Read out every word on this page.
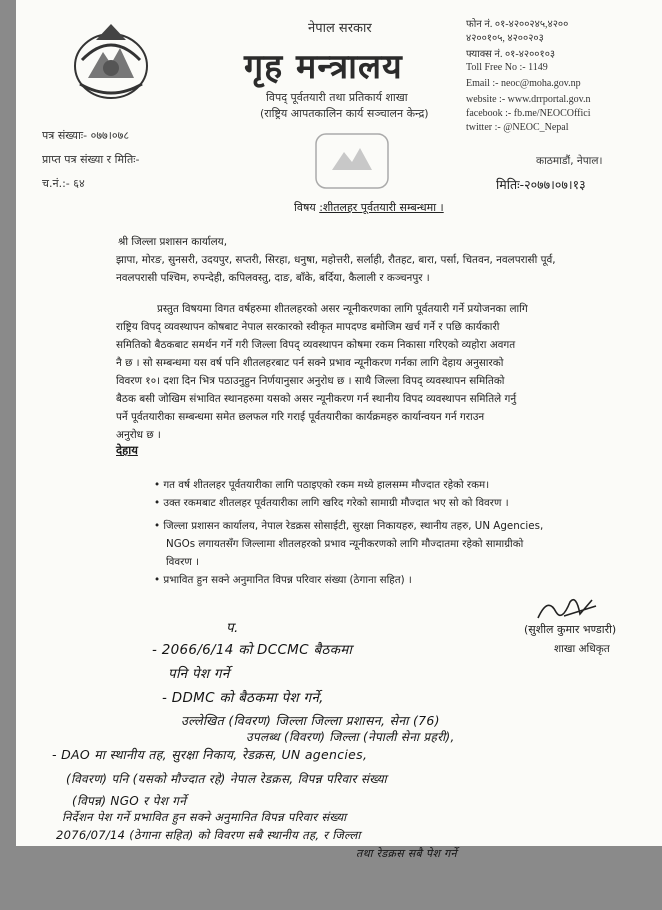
नेपाल सरकार
गृह मन्त्रालय
विपद् पूर्वतयारी तथा प्रतिकार्य शाखा
(राष्ट्रिय आपतकालिन कार्य सञ्चालन केन्द्र)
फोन नं. ०१-४२००२४५,४२००
४२००१०५, ४२००२०३
फ्याक्स नं. ०१-४२००१०३
Toll Free No :- 1149
Email :- neoc@moha.gov.np
website :- www.drrportal.gov.n
facebook :- fb.me/NEOCOffici
twitter :- @NEOC_Nepal
पत्र संख्याः- ०७७।०७८
प्राप्त पत्र संख्या र मितिः-
च.नं.:- ६४
काठमाडौं, नेपाल।
मितिः-२०७७।०७।१३
विषय :शीतलहर पूर्वतयारी सम्बन्धमा ।
श्री जिल्ला प्रशासन कार्यालय,
झापा, मोरङ, सुनसरी, उदयपुर, सप्तरी, सिरहा, धनुषा, महोत्तरी, सर्लाही, रौतहट, बारा, पर्सा, चितवन, नवलपरासी पूर्व,
नवलपरासी पश्चिम, रुपन्देही, कपिलवस्तु, दाङ, बाँके, बर्दिया, कैलाली र कञ्चनपुर ।
प्रस्तुत विषयमा विगत वर्षहरुमा शीतलहरको असर न्यूनीकरणका लागि पूर्वतयारी गर्ने प्रयोजनका लागि
राष्ट्रिय विपद् व्यवस्थापन कोषबाट नेपाल सरकारको स्वीकृत मापदण्ड बमोजिम खर्च गर्ने र पछि कार्यकारी
समितिको बैठकबाट समर्थन गर्ने गरी जिल्ला विपद् व्यवस्थापन कोषमा रकम निकासा गरिएको व्यहोरा अवगत
नै छ । सो सम्बन्धमा यस वर्ष पनि शीतलहरबाट पर्न सक्ने प्रभाव न्यूनीकरण गर्नका लागि देहाय अनुसारको
विवरण १०। दशा दिन भित्र पठाउनुहुन निर्णयानुसार अनुरोध छ । साथै जिल्ला विपद् व्यवस्थापन समितिको
बैठक बसी जोखिम संभावित स्थानहरुमा यसको असर न्यूनीकरण गर्न स्थानीय विपद व्यवस्थापन समितिले गर्नु
पर्ने पूर्वतयारीका सम्बन्धमा समेत छलफल गरि गराई पूर्वतयारीका कार्यक्रमहरु कार्यान्वयन गर्न गराउन
अनुरोध छ ।
देहाय
• गत वर्ष शीतलहर पूर्वतयारीका लागि पठाइएको रकम मध्ये हालसम्म मौज्दात रहेको रकम।
• उक्त रकमबाट शीतलहर पूर्वतयारीका लागि खरिद गरेको सामाग्री मौज्दात भए सो को विवरण ।
• जिल्ला प्रशासन कार्यालय, नेपाल रेडक्रस सोसाईटी, सुरक्षा निकायहरु, स्थानीय तहरु, UN Agencies,
NGOs लगायतसँग जिल्लामा शीतलहरको प्रभाव न्यूनीकरणको लागि मौज्दातमा रहेको सामाग्रीको
विवरण ।
• प्रभावित हुन सक्ने अनुमानित विपन्न परिवार संख्या (ठेगाना सहित) ।
(सुशील कुमार भण्डारी)
शाखा अधिकृत
प.
- 2066/6/14 को DCCMC बैठकमा
पनि पेश गर्ने
- DDMC को बैठकमा पेश गर्ने,
उल्लेखित (विवरण) जिल्ला जिल्ला प्रशासन, सेना (76)
उपलब्ध (विवरण) जिल्ला (नेपाली सेना प्रहरी),
- DAO मा स्थानीय तह, सुरक्षा निकाय, रेडक्रस, UN agencies,
(विवरण) पनि (यसको मौज्दात रहे) नेपाल रेडक्रस, विपन्न परिवार संख्या
(विपन्न) NGO र पेश गर्ने
निर्देशन पेश गर्ने प्रभावित हुन सक्ने अनुमानित विपन्न परिवार संख्या
2076/07/14 (ठेगाना सहित) को विवरण सबै स्थानीय तह, र जिल्ला
तथा रेडक्रस सबै पेश गर्ने
